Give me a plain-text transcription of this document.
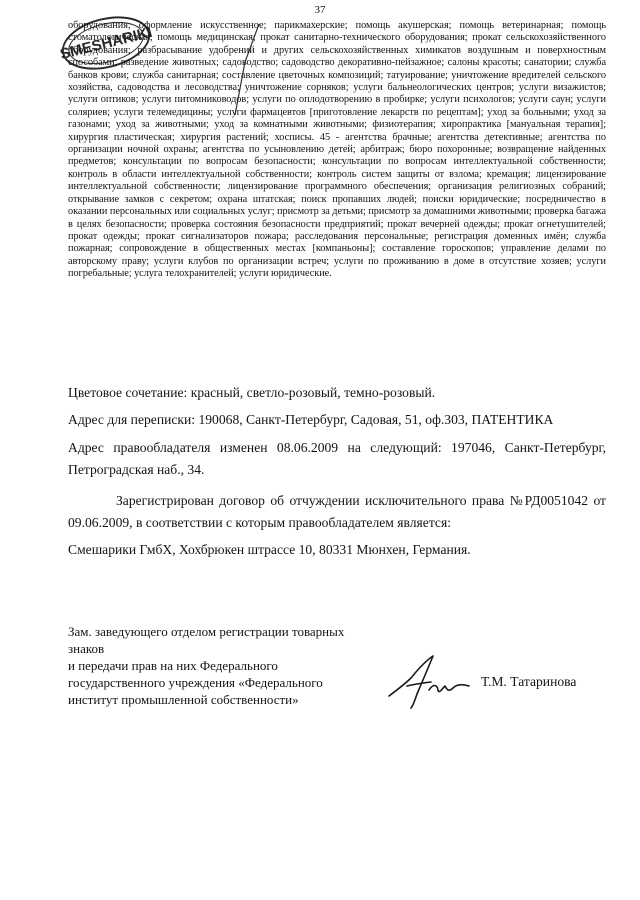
37
SMESHARIKI
оборудования; оформление искусственное; парикмахерские; помощь акушерская; помощь ветеринарная; помощь стоматологическая; помощь медицинская; прокат санитарно-технического оборудования; прокат сельскохозяйственного оборудования; разбрасывание удобрений и других сельскохозяйственных химикатов воздушным и поверхностным способами; разведение животных; садоводство; садоводство декоративно-пейзажное; салоны красоты; санатории; служба банков крови; служба санитарная; составление цветочных композиций; татуирование; уничтожение вредителей сельского хозяйства, садоводства и лесоводства; уничтожение сорняков; услуги бальнеологических центров; услуги визажистов; услуги оптиков; услуги питомниководов; услуги по оплодотворению в пробирке; услуги психологов; услуги саун; услуги соляриев; услуги телемедицины; услуги фармацевтов [приготовление лекарств по рецептам]; уход за больными; уход за газонами; уход за животными; уход за комнатными животными; физиотерапия; хиропрактика [мануальная терапия]; хирургия пластическая; хирургия растений; хосписы. 45 - агентства брачные; агентства детективные; агентства по организации ночной охраны; агентства по усыновлению детей; арбитраж; бюро похоронные; возвращение найденных предметов; консультации по вопросам безопасности; консультации по вопросам интеллектуальной собственности; контроль в области интеллектуальной собственности; контроль систем защиты от взлома; кремация; лицензирование интеллектуальной собственности; лицензирование программного обеспечения; организация религиозных собраний; открывание замков с секретом; охрана штатская; поиск пропавших людей; поиски юридические; посредничество в оказании персональных или социальных услуг; присмотр за детьми; присмотр за домашними животными; проверка багажа в целях безопасности; проверка состояния безопасности предприятий; прокат вечерней одежды; прокат огнетушителей; прокат одежды; прокат сигнализаторов пожара; расследования персональные; регистрация доменных имён; служба пожарная; сопровождение в общественных местах [компаньоны]; составление гороскопов; управление делами по авторскому праву; услуги клубов по организации встреч; услуги по проживанию в доме в отсутствие хозяев; услуги погребальные; услуга телохранителей; услуги юридические.
Цветовое сочетание: красный, светло-розовый, темно-розовый.
Адрес для переписки: 190068, Санкт-Петербург, Садовая, 51, оф.303, ПАТЕНТИКА
Адрес правообладателя изменен 08.06.2009 на следующий: 197046, Санкт-Петербург, Петроградская наб., 34.
Зарегистрирован договор об отчуждении исключительного права №РД0051042 от 09.06.2009, в соответствии с которым правообладателем является:
Смешарики ГмбХ, Хохбрюкен штрассе 10, 80331 Мюнхен, Германия.
Зам. заведующего отделом регистрации товарных знаков
и передачи прав на них Федерального
государственного учреждения «Федерального
институт промышленной собственности»
Т.М. Татаринова
